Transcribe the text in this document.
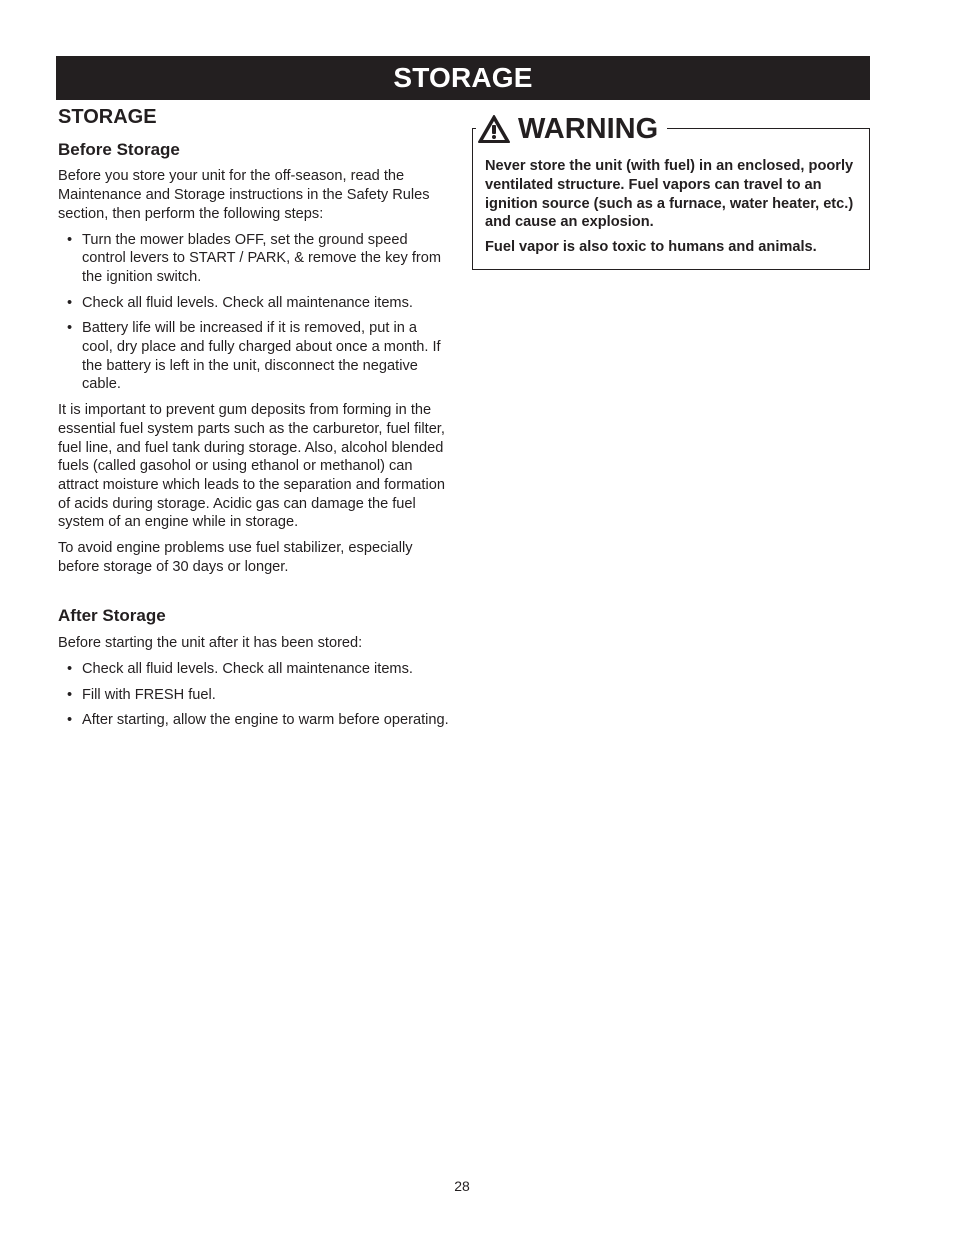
STORAGE
STORAGE
Before Storage

Before you store your unit for the off-season, read the Maintenance and Storage instructions in the Safety Rules section, then perform the following steps:

• Turn the mower blades OFF, set the ground speed control levers to START / PARK, & remove the key from the ignition switch.
• Check all fluid levels. Check all maintenance items.
• Battery life will be increased if it is removed, put in a cool, dry place and fully charged about once a month. If the battery is left in the unit, disconnect the negative cable.

It is important to prevent gum deposits from forming in the essential fuel system parts such as the carburetor, fuel filter, fuel line, and fuel tank during storage. Also, alcohol blended fuels (called gasohol or using ethanol or methanol) can attract moisture which leads to the separation and formation of acids during storage. Acidic gas can damage the fuel system of an engine while in storage.

To avoid engine problems use fuel stabilizer, especially before storage of 30 days or longer.

After Storage

Before starting the unit after it has been stored:

• Check all fluid levels. Check all maintenance items.
• Fill with FRESH fuel.
• After starting, allow the engine to warm before operating.
WARNING

Never store the unit (with fuel) in an enclosed, poorly ventilated structure. Fuel vapors can travel to an ignition source (such as a furnace, water heater, etc.) and cause an explosion.

Fuel vapor is also toxic to humans and animals.

28
